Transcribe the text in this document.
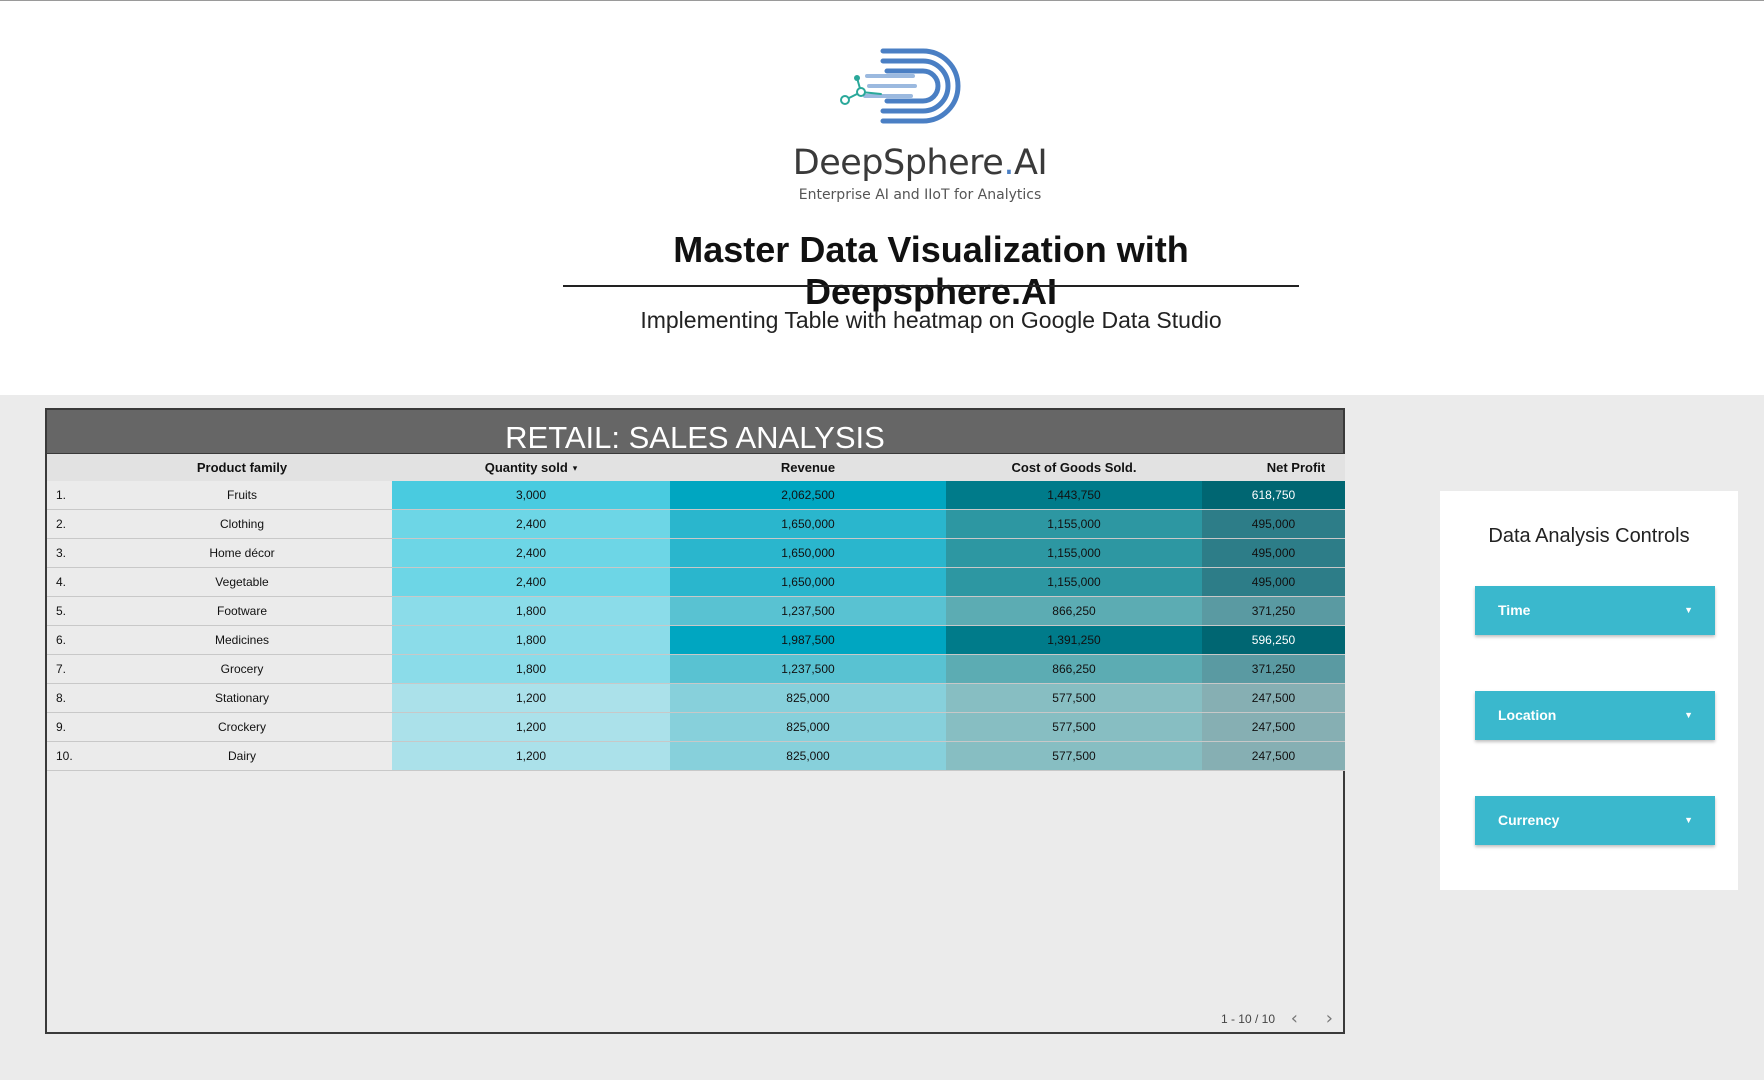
DeepSphere.AI
Enterprise AI and IIoT for Analytics
Master Data Visualization with Deepsphere.AI
Implementing Table with heatmap on Google Data Studio
RETAIL: SALES ANALYSIS
Product family	Quantity sold ▾	Revenue	Cost of Goods Sold.	Net Profit
1.	Fruits	3,000	2,062,500	1,443,750	618,750
2.	Clothing	2,400	1,650,000	1,155,000	495,000
3.	Home décor	2,400	1,650,000	1,155,000	495,000
4.	Vegetable	2,400	1,650,000	1,155,000	495,000
5.	Footware	1,800	1,237,500	866,250	371,250
6.	Medicines	1,800	1,987,500	1,391,250	596,250
7.	Grocery	1,800	1,237,500	866,250	371,250
8.	Stationary	1,200	825,000	577,500	247,500
9.	Crockery	1,200	825,000	577,500	247,500
10.	Dairy	1,200	825,000	577,500	247,500
1 - 10 / 10 ‹ ›
Data Analysis Controls
Time	▼
Location	▼
Currency	▼
